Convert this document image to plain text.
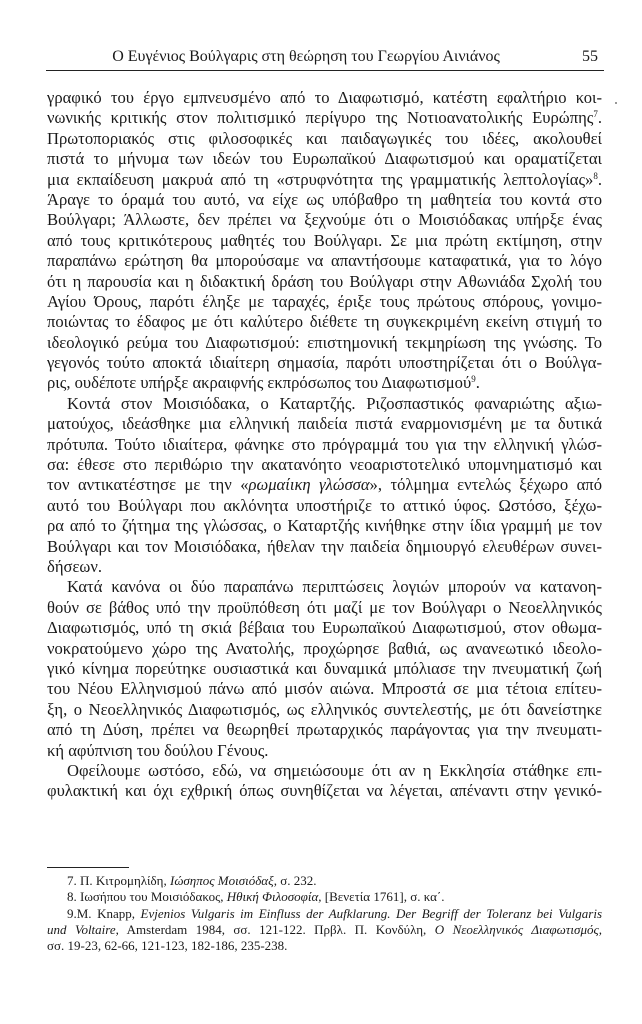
Ο Ευγένιος Βούλγαρις στη θεώρηση του Γεωργίου Αινιάνος	55
γραφικό του έργο εμπνευσμένο από το Διαφωτισμό, κατέστη εφαλτήριο κοι-
νωνικής κριτικής στον πολιτισμικό περίγυρο της Νοτιοανατολικής Ευρώπης$^7$.
Πρωτοποριακός στις φιλοσοφικές και παιδαγωγικές του ιδέες, ακολουθεί
πιστά το μήνυμα των ιδεών του Ευρωπαϊκού Διαφωτισμού και οραματίζεται
μια εκπαίδευση μακρυά από τη «στρυφνότητα της γραμματικής λεπτολογίας»$^8$.
Άραγε το όραμά του αυτό, να είχε ως υπόβαθρο τη μαθητεία του κοντά στο
Βούλγαρι; Άλλωστε, δεν πρέπει να ξεχνούμε ότι ο Μοισιόδακας υπήρξε ένας
από τους κριτικότερους μαθητές του Βούλγαρι. Σε μια πρώτη εκτίμηση, στην
παραπάνω ερώτηση θα μπορούσαμε να απαντήσουμε καταφατικά, για το λόγο
ότι η παρουσία και η διδακτική δράση του Βούλγαρι στην Αθωνιάδα Σχολή του
Αγίου Όρους, παρότι έληξε με ταραχές, έριξε τους πρώτους σπόρους, γονιμο-
ποιώντας το έδαφος με ότι καλύτερο διέθετε τη συγκεκριμένη εκείνη στιγμή το
ιδεολογικό ρεύμα του Διαφωτισμού: επιστημονική τεκμηρίωση της γνώσης. Το
γεγονός τούτο αποκτά ιδιαίτερη σημασία, παρότι υποστηρίζεται ότι ο Βούλγα-
ρις, ουδέποτε υπήρξε ακραιφνής εκπρόσωπος του Διαφωτισμού$^9$.
Κοντά στον Μοισιόδακα, ο Καταρτζής. Ριζοσπαστικός φαναριώτης αξιω-
ματούχος, ιδεάσθηκε μια ελληνική παιδεία πιστά εναρμονισμένη με τα δυτικά
πρότυπα. Τούτο ιδιαίτερα, φάνηκε στο πρόγραμμά του για την ελληνική γλώσ-
σα: έθεσε στο περιθώριο την ακατανόητο νεοαριστοτελικό υπομνηματισμό και
τον αντικατέστησε με την «ρωμαίικη γλώσσα», τόλμημα εντελώς ξέχωρο από
αυτό του Βούλγαρι που ακλόνητα υποστήριζε το αττικό ύφος. Ωστόσο, ξέχω-
ρα από το ζήτημα της γλώσσας, ο Καταρτζής κινήθηκε στην ίδια γραμμή με τον
Βούλγαρι και τον Μοισιόδακα, ήθελαν την παιδεία δημιουργό ελευθέρων συνει-
δήσεων.
Κατά κανόνα οι δύο παραπάνω περιπτώσεις λογιών μπορούν να κατανοη-
θούν σε βάθος υπό την προϋπόθεση ότι μαζί με τον Βούλγαρι ο Νεοελληνικός
Διαφωτισμός, υπό τη σκιά βέβαια του Ευρωπαϊκού Διαφωτισμού, στον οθωμα-
νοκρατούμενο χώρο της Ανατολής, προχώρησε βαθιά, ως ανανεωτικό ιδεολο-
γικό κίνημα πορεύτηκε ουσιαστικά και δυναμικά μπόλιασε την πνευματική ζωή
του Νέου Ελληνισμού πάνω από μισόν αιώνα. Μπροστά σε μια τέτοια επίτευ-
ξη, ο Νεοελληνικός Διαφωτισμός, ως ελληνικός συντελεστής, με ότι δανείστηκε
από τη Δύση, πρέπει να θεωρηθεί πρωταρχικός παράγοντας για την πνευματι-
κή αφύπνιση του δούλου Γένους.
Οφείλουμε ωστόσο, εδώ, να σημειώσουμε ότι αν η Εκκλησία στάθηκε επι-
φυλακτική και όχι εχθρική όπως συνηθίζεται να λέγεται, απέναντι στην γενικό-
7. Π. Κιτρομηλίδη, Ιώσηπος Μοισιόδαξ, σ. 232.
8. Ιωσήπου του Μοισιόδακος, Ηθική Φιλοσοφία, [Βενετία 1761], σ. κα΄.
9.Μ. Knapp, Evjenios Vulgaris im Einfluss der Aufklarung. Der Begriff der Toleranz bei Vulgaris
und Voltaire, Amsterdam 1984, σσ. 121-122. Πρβλ. Π. Κονδύλη, Ο Νεοελληνικός Διαφωτισμός,
σσ. 19-23, 62-66, 121-123, 182-186, 235-238.
